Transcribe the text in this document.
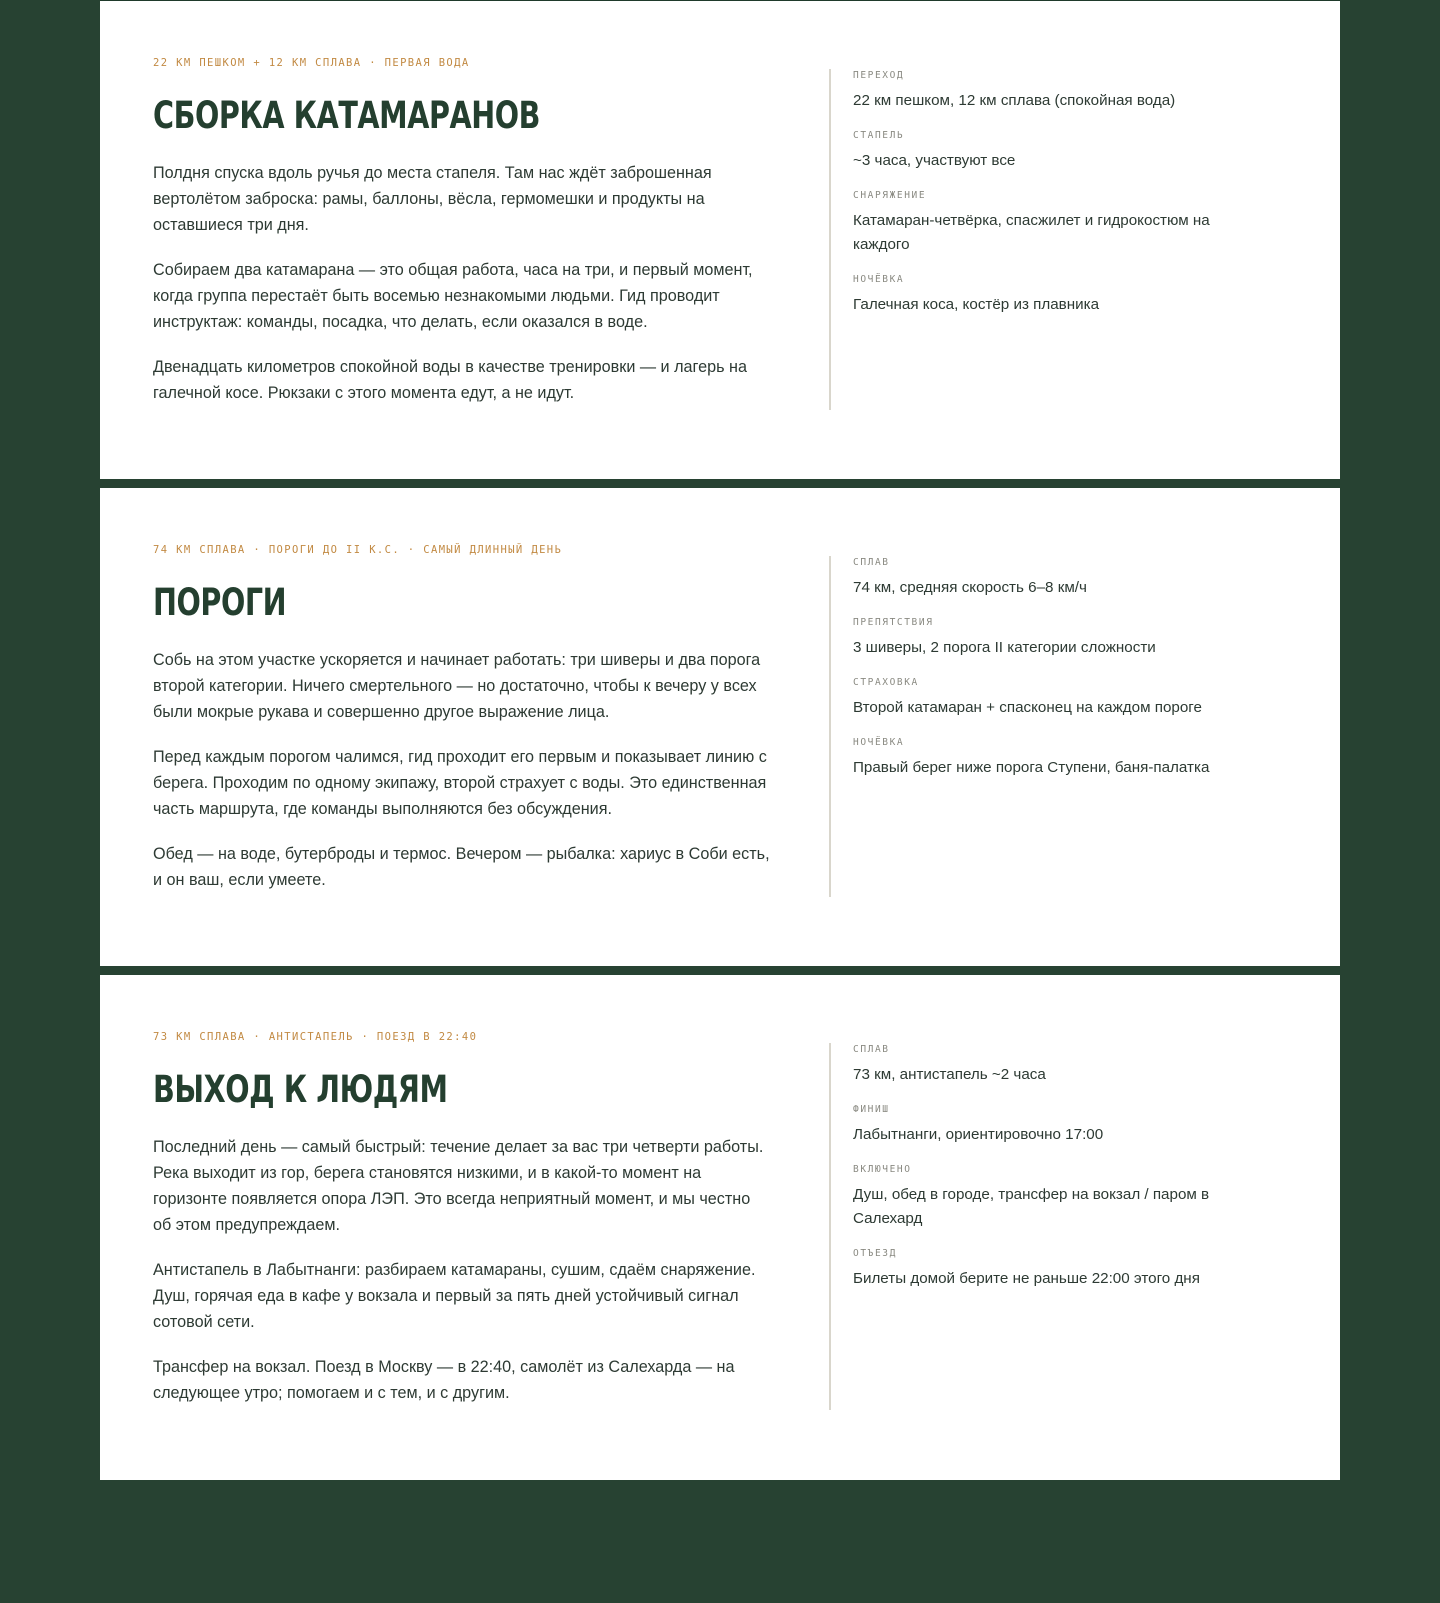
22 КМ ПЕШКОМ + 12 КМ СПЛАВА · ПЕРВАЯ ВОДА
СБОРКА КАТАМАРАНОВ

Полдня спуска вдоль ручья до места стапеля. Там нас ждёт заброшенная вертолётом заброска: рамы, баллоны, вёсла, гермомешки и продукты на оставшиеся три дня.

Собираем два катамарана — это общая работа, часа на три, и первый момент, когда группа перестаёт быть восемью незнакомыми людьми. Гид проводит инструктаж: команды, посадка, что делать, если оказался в воде.

Двенадцать километров спокойной воды в качестве тренировки — и лагерь на галечной косе. Рюкзаки с этого момента едут, а не идут.

ПЕРЕХОД
22 км пешком, 12 км сплава (спокойная вода)
СТАПЕЛЬ
~3 часа, участвуют все
СНАРЯЖЕНИЕ
Катамаран-четвёрка, спасжилет и гидрокостюм на каждого
НОЧЁВКА
Галечная коса, костёр из плавника
74 КМ СПЛАВА · ПОРОГИ ДО II К.С. · САМЫЙ ДЛИННЫЙ ДЕНЬ
ПОРОГИ

Собь на этом участке ускоряется и начинает работать: три шиверы и два порога второй категории. Ничего смертельного — но достаточно, чтобы к вечеру у всех были мокрые рукава и совершенно другое выражение лица.

Перед каждым порогом чалимся, гид проходит его первым и показывает линию с берега. Проходим по одному экипажу, второй страхует с воды. Это единственная часть маршрута, где команды выполняются без обсуждения.

Обед — на воде, бутерброды и термос. Вечером — рыбалка: хариус в Соби есть, и он ваш, если умеете.

СПЛАВ
74 км, средняя скорость 6–8 км/ч
ПРЕПЯТСТВИЯ
3 шиверы, 2 порога II категории сложности
СТРАХОВКА
Второй катамаран + спасконец на каждом пороге
НОЧЁВКА
Правый берег ниже порога Ступени, баня-палатка
73 КМ СПЛАВА · АНТИСТАПЕЛЬ · ПОЕЗД В 22:40
ВЫХОД К ЛЮДЯМ

Последний день — самый быстрый: течение делает за вас три четверти работы. Река выходит из гор, берега становятся низкими, и в какой-то момент на горизонте появляется опора ЛЭП. Это всегда неприятный момент, и мы честно об этом предупреждаем.

Антистапель в Лабытнанги: разбираем катамараны, сушим, сдаём снаряжение. Душ, горячая еда в кафе у вокзала и первый за пять дней устойчивый сигнал сотовой сети.

Трансфер на вокзал. Поезд в Москву — в 22:40, самолёт из Салехарда — на следующее утро; помогаем и с тем, и с другим.

СПЛАВ
73 км, антистапель ~2 часа
ФИНИШ
Лабытнанги, ориентировочно 17:00
ВКЛЮЧЕНО
Душ, обед в городе, трансфер на вокзал / паром в Салехард
ОТЪЕЗД
Билеты домой берите не раньше 22:00 этого дня
